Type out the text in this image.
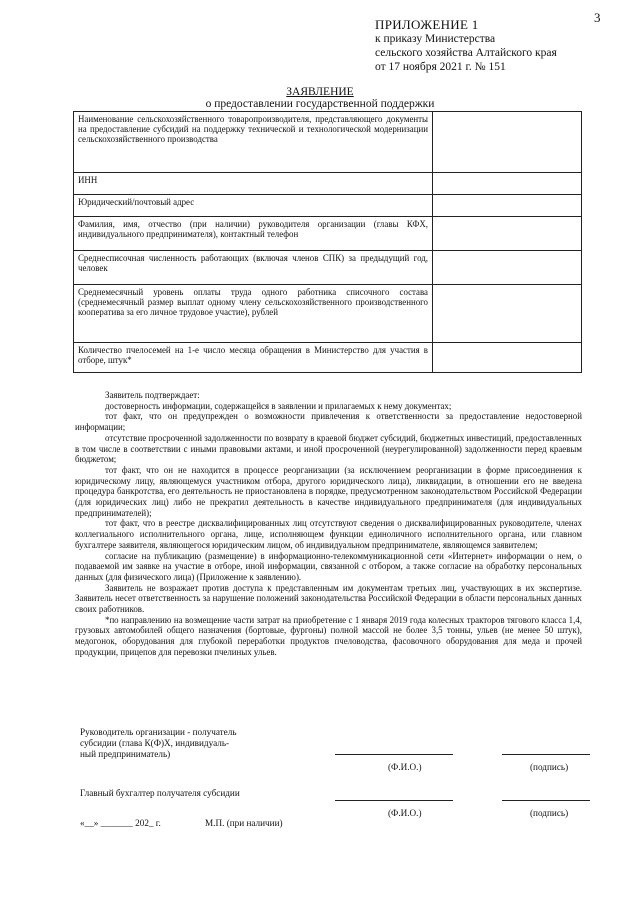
3
ПРИЛОЖЕНИЕ 1
к приказу Министерства
сельского хозяйства Алтайского края
от 17 ноября 2021 г. № 151
ЗАЯВЛЕНИЕ
о предоставлении государственной поддержки
Наименование сельскохозяйственного товаропроизводителя, представляющего документы на предоставление субсидий на поддержку технической и технологической модернизации сельскохозяйственного производства	
ИНН	
Юридический/почтовый адрес	
Фамилия, имя, отчество (при наличии) руководителя организации (главы КФХ, индивидуального предпринимателя), контактный телефон	
Среднесписочная численность работающих (включая членов СПК) за предыдущий год, человек	
Среднемесячный уровень оплаты труда одного работника списочного состава (среднемесячный размер выплат одному члену сельскохозяйственного производственного кооператива за его личное трудовое участие), рублей	
Количество пчелосемей на 1-е число месяца обращения в Министерство для участия в отборе, штук*	

Заявитель подтверждает:

достоверность информации, содержащейся в заявлении и прилагаемых к нему документах;

тот факт, что он предупрежден о возможности привлечения к ответственности за предоставление недостоверной информации;

отсутствие просроченной задолженности по возврату в краевой бюджет субсидий, бюджетных инвестиций, предоставленных в том числе в соответствии с иными правовыми актами, и иной просроченной (неурегулированной) задолженности перед краевым бюджетом;

тот факт, что он не находится в процессе реорганизации (за исключением реорганизации в форме присоединения к юридическому лицу, являющемуся участником отбора, другого юридического лица), ликвидации, в отношении его не введена процедура банкротства, его деятельность не приостановлена в порядке, предусмотренном законодательством Российской Федерации (для юридических лиц) либо не прекратил деятельность в качестве индивидуального предпринимателя (для индивидуальных предпринимателей);

тот факт, что в реестре дисквалифицированных лиц отсутствуют сведения о дисквалифицированных руководителе, членах коллегиального исполнительного органа, лице, исполняющем функции единоличного исполнительного органа, или главном бухгалтере заявителя, являющегося юридическим лицом, об индивидуальном предпринимателе, являющемся заявителем;

согласие на публикацию (размещение) в информационно-телекоммуникационной сети «Интернет» информации о нем, о подаваемой им заявке на участие в отборе, иной информации, связанной с отбором, а также согласие на обработку персональных данных (для физического лица) (Приложение к заявлению).

Заявитель не возражает против доступа к представленным им документам третьих лиц, участвующих в их экспертизе. Заявитель несет ответственность за нарушение положений законодательства Российской Федерации в области персональных данных своих работников.

*по направлению на возмещение части затрат на приобретение с 1 января 2019 года колесных тракторов тягового класса 1,4, грузовых автомобилей общего назначения (бортовые, фургоны) полной массой не более 3,5 тонны, ульев (не менее 50 штук), медогонок, оборудования для глубокой переработки продуктов пчеловодства, фасовочного оборудования для меда и прочей продукции, прицепов для перевозки пчелиных ульев.

Руководитель организации - получатель
субсидии (глава К(Ф)Х, индивидуаль-
ный предприниматель)
(Ф.И.О.)	(подпись)
Главный бухгалтер получателя субсидии
(Ф.И.О.)	(подпись)
«__» _______ 202_ г.	М.П. (при наличии)
